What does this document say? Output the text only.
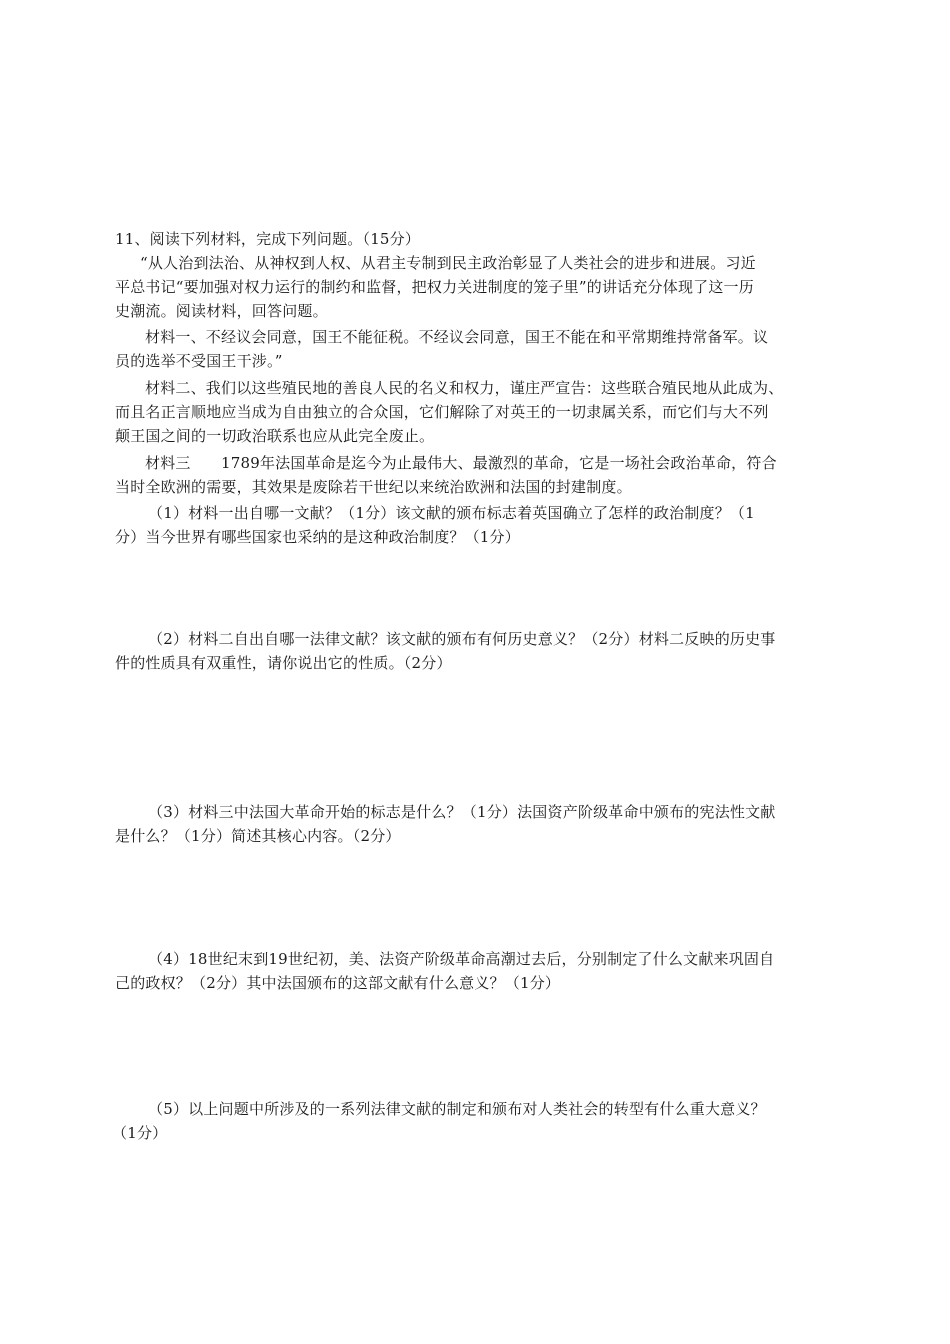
11、阅读下列材料，完成下列问题。（15分）
“从人治到法治、从神权到人权、从君主专制到民主政治彰显了人类社会的进步和进展。习近
平总书记“要加强对权力运行的制约和监督，把权力关进制度的笼子里”的讲话充分体现了这一历
史潮流。阅读材料，回答问题。
材料一、不经议会同意，国王不能征税。不经议会同意，国王不能在和平常期维持常备军。议
员的选举不受国王干涉。”
材料二、我们以这些殖民地的善良人民的名义和权力，谨庄严宣告：这些联合殖民地从此成为、
而且名正言顺地应当成为自由独立的合众国，它们解除了对英王的一切隶属关系，而它们与大不列
颠王国之间的一切政治联系也应从此完全废止。
材料三　　1789年法国革命是迄今为止最伟大、最激烈的革命，它是一场社会政治革命，符合
当时全欧洲的需要，其效果是废除若干世纪以来统治欧洲和法国的封建制度。
（1）材料一出自哪一文献？（1分）该文献的颁布标志着英国确立了怎样的政治制度？（1
分）当今世界有哪些国家也采纳的是这种政治制度？（1分）
（2）材料二自出自哪一法律文献？该文献的颁布有何历史意义？（2分）材料二反映的历史事
件的性质具有双重性，请你说出它的性质。（2分）
（3）材料三中法国大革命开始的标志是什么？（1分）法国资产阶级革命中颁布的宪法性文献
是什么？（1分）简述其核心内容。（2分）
（4）18世纪末到19世纪初，美、法资产阶级革命高潮过去后，分别制定了什么文献来巩固自
己的政权？（2分）其中法国颁布的这部文献有什么意义？（1分）
（5）以上问题中所涉及的一系列法律文献的制定和颁布对人类社会的转型有什么重大意义？
（1分）
